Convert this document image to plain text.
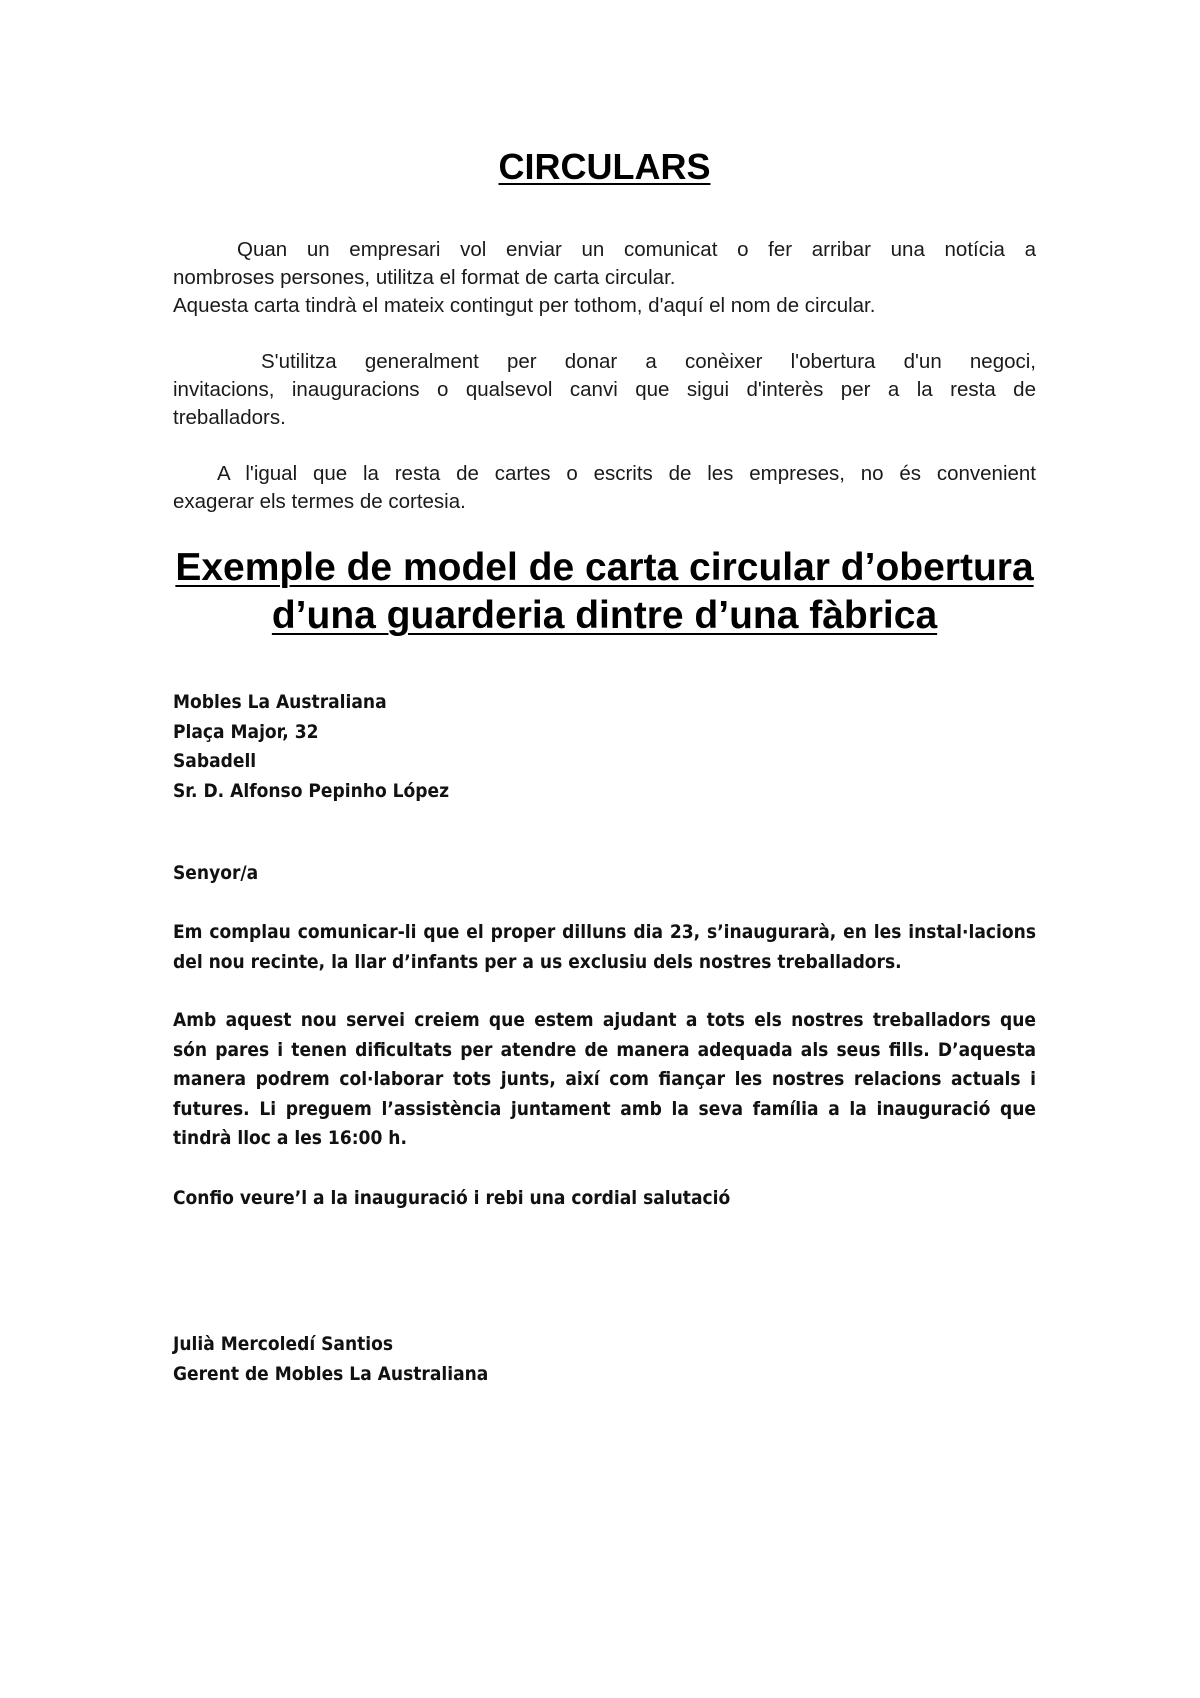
CIRCULARS
Quan un empresari vol enviar un comunicat o fer arribar una notícia a
nombroses persones, utilitza el format de carta circular.
Aquesta carta tindrà el mateix contingut per tothom, d'aquí el nom de circular.
S'utilitza generalment per donar a conèixer l'obertura d'un negoci,
invitacions, inauguracions o qualsevol canvi que sigui d'interès per a la resta de
treballadors.
A l'igual que la resta de cartes o escrits de les empreses, no és convenient
exagerar els termes de cortesia.
Exemple de model de carta circular d’obertura
d’una guarderia dintre d’una fàbrica
Mobles La Australiana
Plaça Major, 32
Sabadell
Sr. D. Alfonso Pepinho López
Senyor/a
Em complau comunicar-li que el proper dilluns dia 23, s’inaugurarà, en les instal·lacions
del nou recinte, la llar d’infants per a us exclusiu dels nostres treballadors.
Amb aquest nou servei creiem que estem ajudant a tots els nostres treballadors que
són pares i tenen dificultats per atendre de manera adequada als seus fills. D’aquesta
manera podrem col·laborar tots junts, així com fiançar les nostres relacions actuals i
futures. Li preguem l’assistència juntament amb la seva família a la inauguració que
tindrà lloc a les 16:00 h.
Confio veure’l a la inauguració i rebi una cordial salutació
Julià Mercoledí Santios
Gerent de Mobles La Australiana
